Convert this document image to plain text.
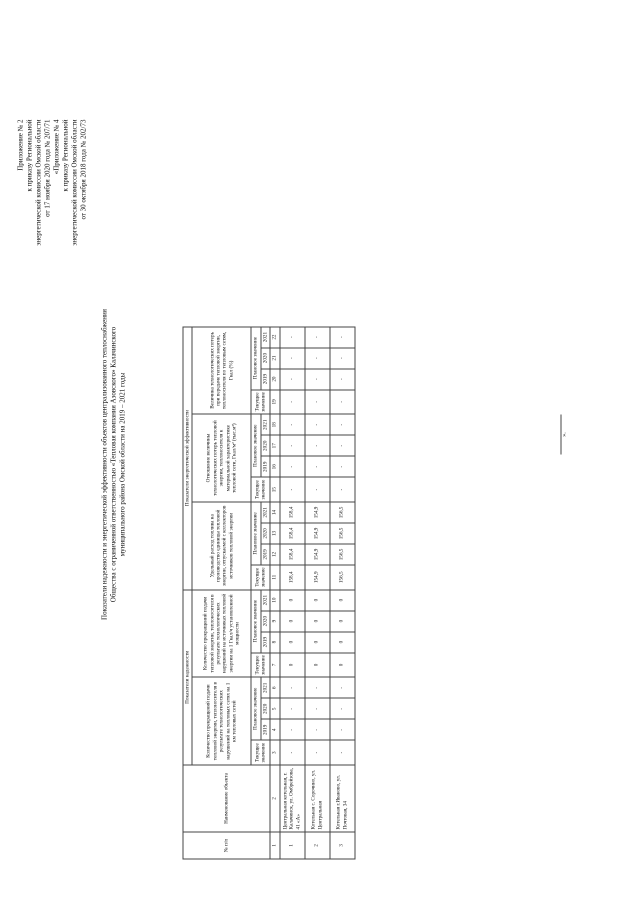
Приложение № 2 к приказу Региональной энергетической комиссии Омской области от 17 ноября 2020 года № 207/71 «Приложение № 4 к приказу Региональной энергетической комиссии Омской области от 30 октября 2018 года № 202/73
Показатели надежности и энергетической эффективности объектов централизованного теплоснабжения Общества с ограниченной ответственностью «Тепловая компания Азовского» Калачинского муниципального района Омской области на 2019 – 2021 годы
№ п/п	Наименование объекта	Показатели надежности								Показатели энергетической эффективности											
		Количество прекращений подачи тепловой энергии, теплоносителя в результате технологических нарушений на тепловых сетях на 1 км тепловых сетей				Количество прекращений подачи тепловой энергии, теплоносителя в результате технологических нарушений на источниках тепловой энергии на 1 Гкал/ч установленной мощности				Удельный расход топлива на производство единицы тепловой энергии, отпускаемой с коллекторов источников тепловой энергии				Отношение величины технологических потерь тепловой энергии, теплоносителя к материальной характеристике тепловой сети, Гкал/м² (тыс.м²)				Величина технологических потерь при передаче тепловой энергии, теплоносителя по тепловым сетям, Гкал (%)			
		Текущее значение	Плановое значение			Текущее значение	Плановое значение			Текущее значение	Плановое значение			Текущее значение	Плановое значение			Текущее значение	Плановое значение		
			2019	2020	2021		2019	2020	2021		2019	2020	2021		2019	2020	2021		2019	2020	2021
1	2	3	4	5	6	7	8	9	10	11	12	13	14	15	16	17	18	19	20	21	22
1	Центральная котельная, г. Калачинск, ул. Омбрейзова, 41 «А»	-	-	-	-	0	0	0	0	158,4	158,4	158,4	158,4	-	-	-	-	-	-	-	-
2	Котельная с. Сорочино, ул. Центральная	-	-	-	-	0	0	0	0	154,9	154,9	154,9	154,9	-	-	-	-	-	-	-	-
3	Котельная г.Иваново, ул. Почтовая, 34	-	-	-	-	0	0	0	0	156,5	156,5	156,5	156,5	-	-	-	-	-	-	-	-
».
